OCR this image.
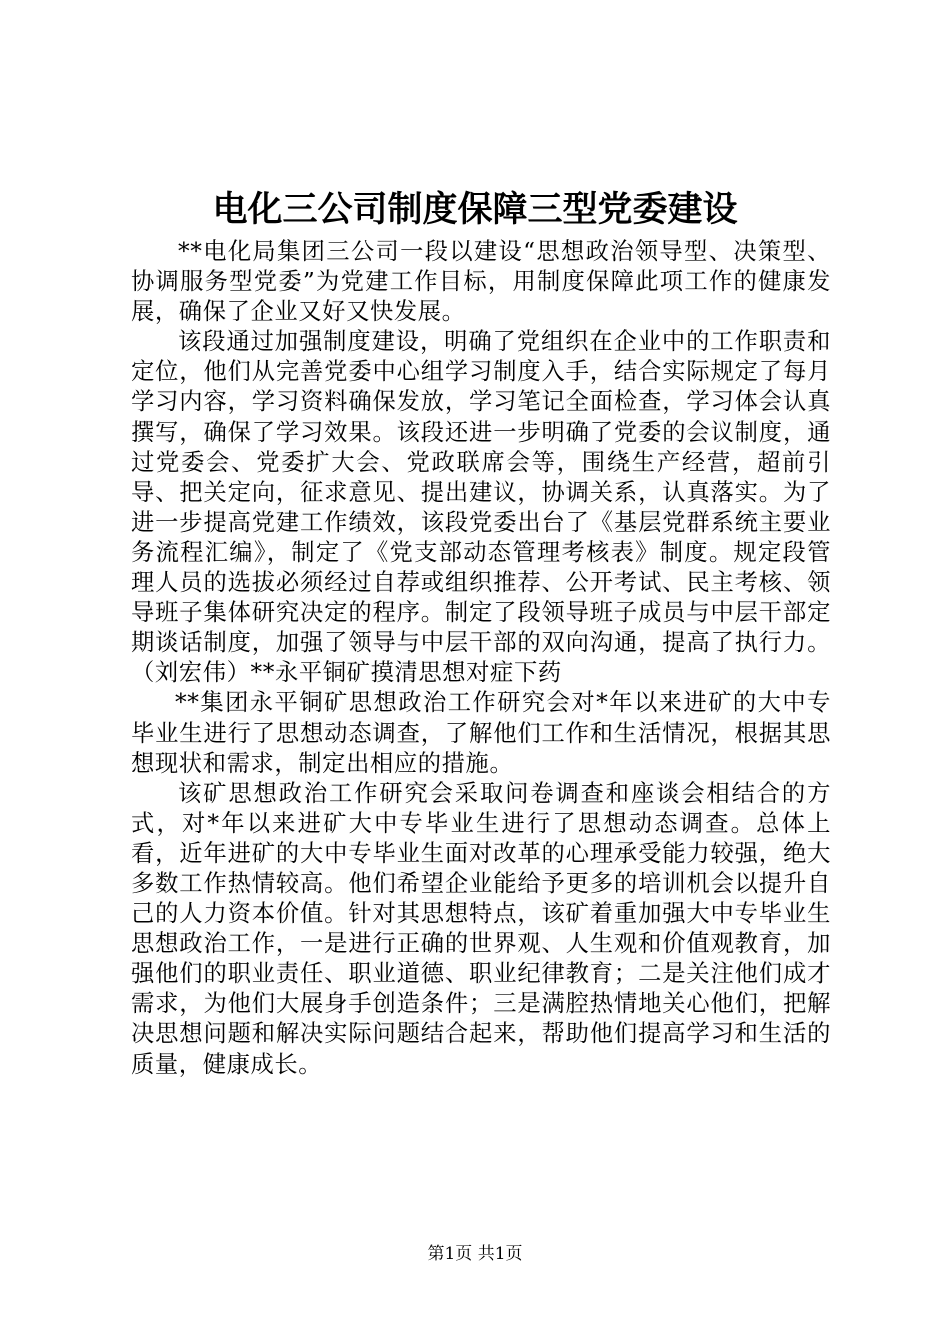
电化三公司制度保障三型党委建设

**电化局集团三公司一段以建设“思想政治领导型、决策型、协调服务型党委”为党建工作目标，用制度保障此项工作的健康发展，确保了企业又好又快发展。

该段通过加强制度建设，明确了党组织在企业中的工作职责和定位，他们从完善党委中心组学习制度入手，结合实际规定了每月学习内容，学习资料确保发放，学习笔记全面检查，学习体会认真撰写，确保了学习效果。该段还进一步明确了党委的会议制度，通过党委会、党委扩大会、党政联席会等，围绕生产经营，超前引导、把关定向，征求意见、提出建议，协调关系，认真落实。为了进一步提高党建工作绩效，该段党委出台了《基层党群系统主要业务流程汇编》，制定了《党支部动态管理考核表》制度。规定段管理人员的选拔必须经过自荐或组织推荐、公开考试、民主考核、领导班子集体研究决定的程序。制定了段领导班子成员与中层干部定期谈话制度，加强了领导与中层干部的双向沟通，提高了执行力。（刘宏伟）**永平铜矿摸清思想对症下药

**集团永平铜矿思想政治工作研究会对*年以来进矿的大中专毕业生进行了思想动态调查，了解他们工作和生活情况，根据其思想现状和需求，制定出相应的措施。

该矿思想政治工作研究会采取问卷调查和座谈会相结合的方式，对*年以来进矿大中专毕业生进行了思想动态调查。总体上看，近年进矿的大中专毕业生面对改革的心理承受能力较强，绝大多数工作热情较高。他们希望企业能给予更多的培训机会以提升自己的人力资本价值。针对其思想特点，该矿着重加强大中专毕业生思想政治工作，一是进行正确的世界观、人生观和价值观教育，加强他们的职业责任、职业道德、职业纪律教育；二是关注他们成才需求，为他们大展身手创造条件；三是满腔热情地关心他们，把解决思想问题和解决实际问题结合起来，帮助他们提高学习和生活的质量，健康成长。

第1页 共1页
